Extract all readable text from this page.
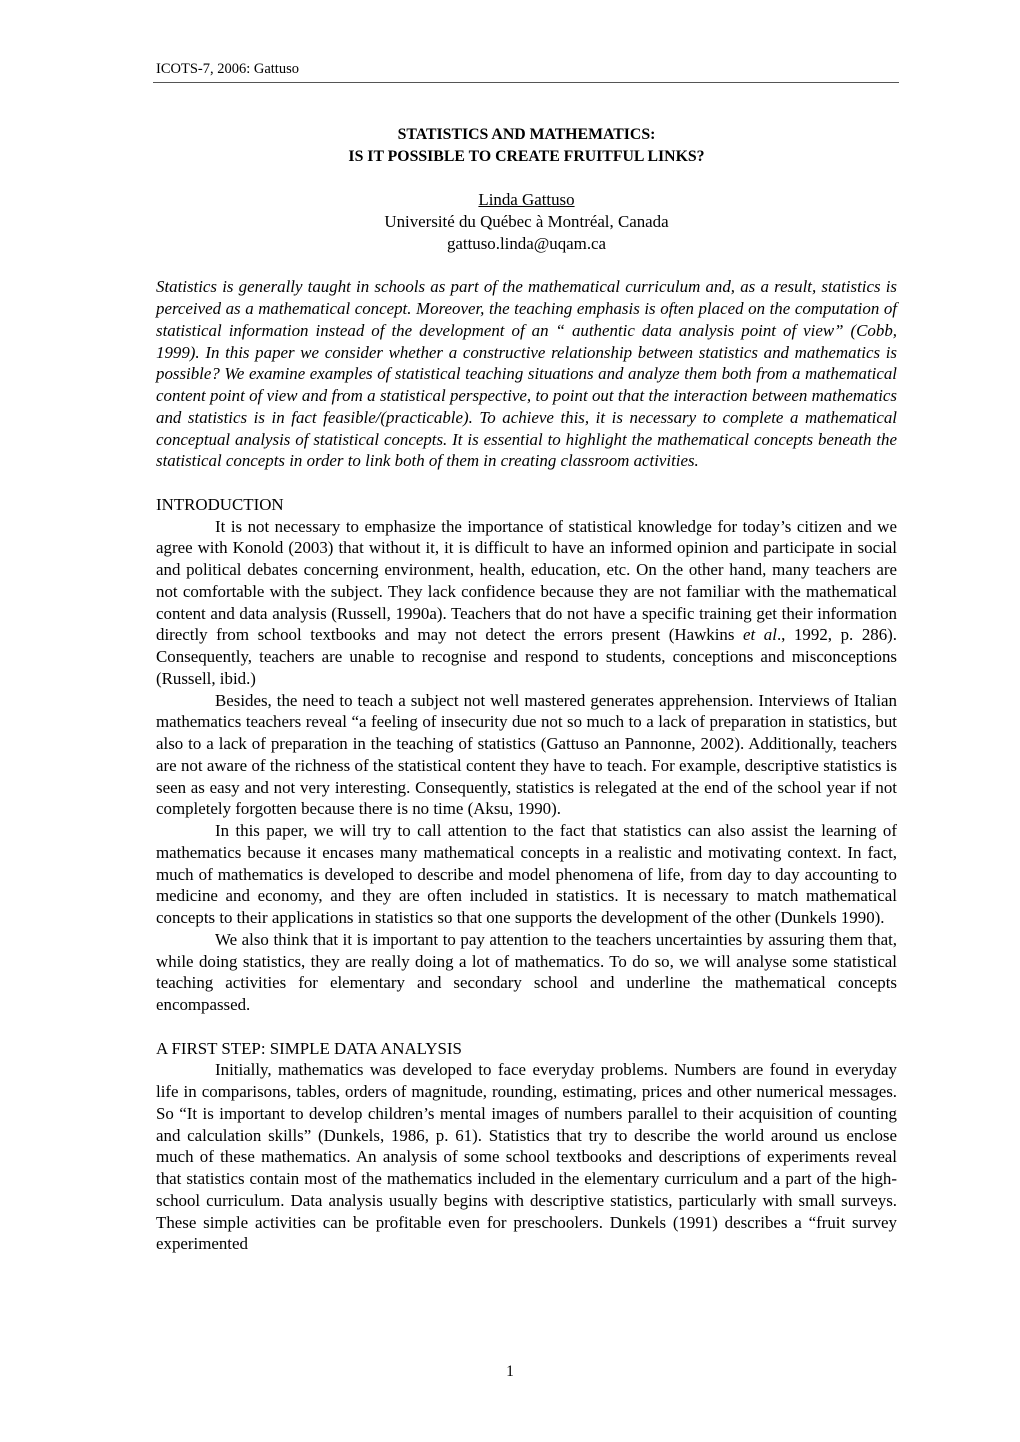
ICOTS-7, 2006: Gattuso
STATISTICS AND MATHEMATICS:
IS IT POSSIBLE TO CREATE FRUITFUL LINKS?
Linda Gattuso
Université du Québec à Montréal, Canada
gattuso.linda@uqam.ca

Statistics is generally taught in schools as part of the mathematical curriculum and, as a result, statistics is perceived as a mathematical concept. Moreover, the teaching emphasis is often placed on the computation of statistical information instead of the development of an “ authentic data analysis point of view” (Cobb, 1999). In this paper we consider whether a constructive relationship between statistics and mathematics is possible? We examine examples of statistical teaching situations and analyze them both from a mathematical content point of view and from a statistical perspective, to point out that the interaction between mathematics and statistics is in fact feasible/(practicable). To achieve this, it is necessary to complete a mathematical conceptual analysis of statistical concepts. It is essential to highlight the mathematical concepts beneath the statistical concepts in order to link both of them in creating classroom activities.

INTRODUCTION

It is not necessary to emphasize the importance of statistical knowledge for today’s citizen and we agree with Konold (2003) that without it, it is difficult to have an informed opinion and participate in social and political debates concerning environment, health, education, etc. On the other hand, many teachers are not comfortable with the subject. They lack confidence because they are not familiar with the mathematical content and data analysis (Russell, 1990a). Teachers that do not have a specific training get their information directly from school textbooks and may not detect the errors present (Hawkins et al., 1992, p. 286). Consequently, teachers are unable to recognise and respond to students, conceptions and misconceptions (Russell, ibid.)

Besides, the need to teach a subject not well mastered generates apprehension. Interviews of Italian mathematics teachers reveal “a feeling of insecurity due not so much to a lack of preparation in statistics, but also to a lack of preparation in the teaching of statistics (Gattuso an Pannonne, 2002). Additionally, teachers are not aware of the richness of the statistical content they have to teach. For example, descriptive statistics is seen as easy and not very interesting. Consequently, statistics is relegated at the end of the school year if not completely forgotten because there is no time (Aksu, 1990).

In this paper, we will try to call attention to the fact that statistics can also assist the learning of mathematics because it encases many mathematical concepts in a realistic and motivating context. In fact, much of mathematics is developed to describe and model phenomena of life, from day to day accounting to medicine and economy, and they are often included in statistics. It is necessary to match mathematical concepts to their applications in statistics so that one supports the development of the other (Dunkels 1990).

We also think that it is important to pay attention to the teachers uncertainties by assuring them that, while doing statistics, they are really doing a lot of mathematics. To do so, we will analyse some statistical teaching activities for elementary and secondary school and underline the mathematical concepts encompassed.

A FIRST STEP: SIMPLE DATA ANALYSIS

Initially, mathematics was developed to face everyday problems. Numbers are found in everyday life in comparisons, tables, orders of magnitude, rounding, estimating, prices and other numerical messages. So “It is important to develop children’s mental images of numbers parallel to their acquisition of counting and calculation skills” (Dunkels, 1986, p. 61). Statistics that try to describe the world around us enclose much of these mathematics. An analysis of some school textbooks and descriptions of experiments reveal that statistics contain most of the mathematics included in the elementary curriculum and a part of the high-school curriculum. Data analysis usually begins with descriptive statistics, particularly with small surveys. These simple activities can be profitable even for preschoolers. Dunkels (1991) describes a “fruit survey experimented

1
